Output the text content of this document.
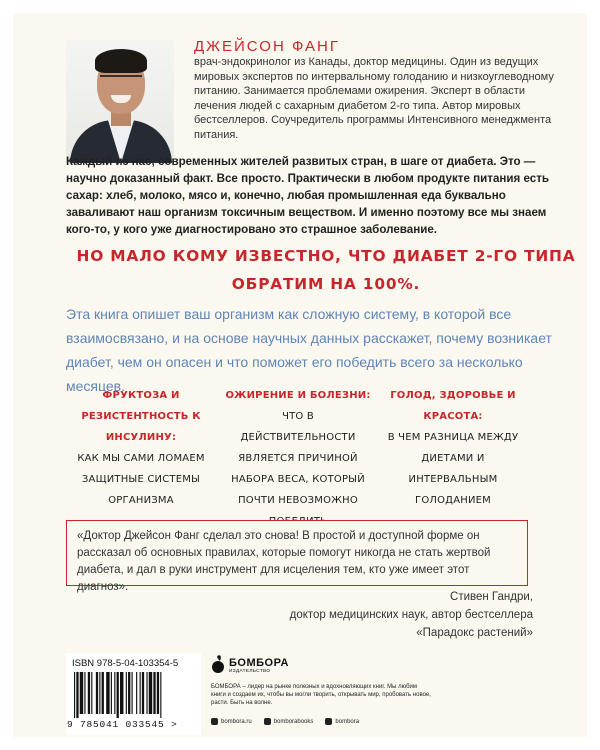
ДЖЕЙСОН ФАНГ
врач-эндокринолог из Канады, доктор медицины. Один из ведущих мировых экспертов по интервальному голоданию и низкоуглеводному питанию. Занимается проблемами ожирения. Эксперт в области лечения людей с сахарным диабетом 2-го типа. Автор мировых бестселлеров. Соучредитель программы Интенсивного менеджмента питания.
Каждый из нас, современных жителей развитых стран, в шаге от диабета. Это — научно доказанный факт. Все просто. Практически в любом продукте питания есть сахар: хлеб, молоко, мясо и, конечно, любая промышленная еда буквально заваливают наш организм токсичным веществом. И именно поэтому все мы знаем кого-то, у кого уже диагностировано это страшное заболевание.
НО МАЛО КОМУ ИЗВЕСТНО, ЧТО ДИАБЕТ 2-ГО ТИПА ОБРАТИМ НА 100%.
Эта книга опишет ваш организм как сложную систему, в которой все взаимосвязано, и на основе научных данных расскажет, почему возникает диабет, чем он опасен и что поможет его победить всего за несколько месяцев.
ФРУКТОЗА И РЕЗИСТЕНТНОСТЬ К ИНСУЛИНУ:
КАК МЫ САМИ ЛОМАЕМ ЗАЩИТНЫЕ СИСТЕМЫ ОРГАНИЗМА
ОЖИРЕНИЕ И БОЛЕЗНИ:
ЧТО В ДЕЙСТВИТЕЛЬНОСТИ ЯВЛЯЕТСЯ ПРИЧИНОЙ НАБОРА ВЕСА, КОТОРЫЙ ПОЧТИ НЕВОЗМОЖНО
ГОЛОД, ЗДОРОВЬЕ И КРАСОТА:
В ЧЕМ РАЗНИЦА МЕЖДУ ДИЕТАМИ И ИНТЕРВАЛЬНЫМ ГОЛОДАНИЕМ
«Доктор Джейсон Фанг сделал это снова! В простой и доступной форме он рассказал об основных правилах, которые помогут никогда не стать жертвой диабета, и дал в руки инструмент для исцеления тем, кто уже имеет этот диагноз».
Стивен Гандри,
доктор медицинских наук, автор бестселлера «Парадокс растений»
ISBN 978-5-04-103354-5
9 785041 033545 >
БОМБОРА
ИЗДАТЕЛЬСТВО
БОМБОРА – лидер на рынке полезных и вдохновляющих книг. Мы любим книги и создаем их, чтобы вы могли творить, открывать мир, пробовать новое, расти. Быть на волне.
bombora.ru	bomborabooks	bombora
